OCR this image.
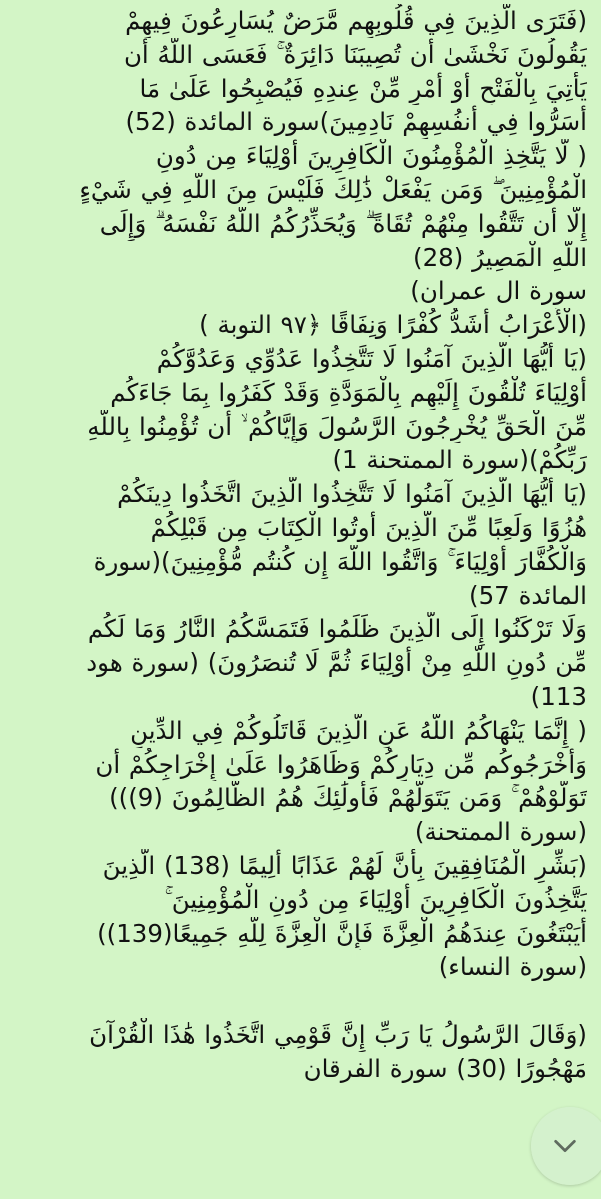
(فَتَرَى الَّذِينَ فِي قُلُوبِهِم مَّرَضٌ يُسَارِعُونَ فِيهِمْ
يَقُولُونَ نَخْشَىٰ أَن تُصِيبَنَا دَائِرَةٌ ۚ فَعَسَى اللَّهُ أَن
يَأْتِيَ بِالْفَتْحِ أَوْ أَمْرٍ مِّنْ عِندِهِ فَيُصْبِحُوا عَلَىٰ مَا
أَسَرُّوا فِي أَنفُسِهِمْ نَادِمِينَ)سورة المائدة (52)
( لَّا يَتَّخِذِ الْمُؤْمِنُونَ الْكَافِرِينَ أَوْلِيَاءَ مِن دُونِ
الْمُؤْمِنِينَ ۖ وَمَن يَفْعَلْ ذَٰلِكَ فَلَيْسَ مِنَ اللَّهِ فِي شَيْءٍ
إِلَّا أَن تَتَّقُوا مِنْهُمْ تُقَاةً ۗ وَيُحَذِّرُكُمُ اللَّهُ نَفْسَهُ ۗ وَإِلَى
اللَّهِ الْمَصِيرُ (28)
سورة ال عمران)
(الْأَعْرَابُ أَشَدُّ كُفْرًا وَنِفَاقًا ﴿٩٧ التوبة )
(يَا أَيُّهَا الَّذِينَ آمَنُوا لَا تَتَّخِذُوا عَدُوِّي وَعَدُوَّكُمْ
أَوْلِيَاءَ تُلْقُونَ إِلَيْهِم بِالْمَوَدَّةِ وَقَدْ كَفَرُوا بِمَا جَاءَكُم
مِّنَ الْحَقِّ يُخْرِجُونَ الرَّسُولَ وَإِيَّاكُمْ ۙ أَن تُؤْمِنُوا بِاللَّهِ
رَبِّكُمْ)(سورة الممتحنة 1)
(يَا أَيُّهَا الَّذِينَ آمَنُوا لَا تَتَّخِذُوا الَّذِينَ اتَّخَذُوا دِينَكُمْ
هُزُوًا وَلَعِبًا مِّنَ الَّذِينَ أُوتُوا الْكِتَابَ مِن قَبْلِكُمْ
وَالْكُفَّارَ أَوْلِيَاءَ ۚ وَاتَّقُوا اللَّهَ إِن كُنتُم مُّؤْمِنِينَ)(سورة
المائدة 57)
وَلَا تَرْكَنُوا إِلَى الَّذِينَ ظَلَمُوا فَتَمَسَّكُمُ النَّارُ وَمَا لَكُم
مِّن دُونِ اللَّهِ مِنْ أَوْلِيَاءَ ثُمَّ لَا تُنصَرُونَ) (سورة هود
113)
( إِنَّمَا يَنْهَاكُمُ اللَّهُ عَنِ الَّذِينَ قَاتَلُوكُمْ فِي الدِّينِ
وَأَخْرَجُوكُم مِّن دِيَارِكُمْ وَظَاهَرُوا عَلَىٰ إِخْرَاجِكُمْ أَن
تَوَلَّوْهُمْ ۚ وَمَن يَتَوَلَّهُمْ فَأُولَٰئِكَ هُمُ الظَّالِمُونَ (9)))
(سورة الممتحنة)
(بَشِّرِ الْمُنَافِقِينَ بِأَنَّ لَهُمْ عَذَابًا أَلِيمًا (138) الَّذِينَ
يَتَّخِذُونَ الْكَافِرِينَ أَوْلِيَاءَ مِن دُونِ الْمُؤْمِنِينَ ۚ
أَيَبْتَغُونَ عِندَهُمُ الْعِزَّةَ فَإِنَّ الْعِزَّةَ لِلَّهِ جَمِيعًا(139))
(سورة النساء)
(وَقَالَ الرَّسُولُ يَا رَبِّ إِنَّ قَوْمِي اتَّخَذُوا هَٰذَا الْقُرْآنَ
مَهْجُورًا (30) سورة الفرقان
